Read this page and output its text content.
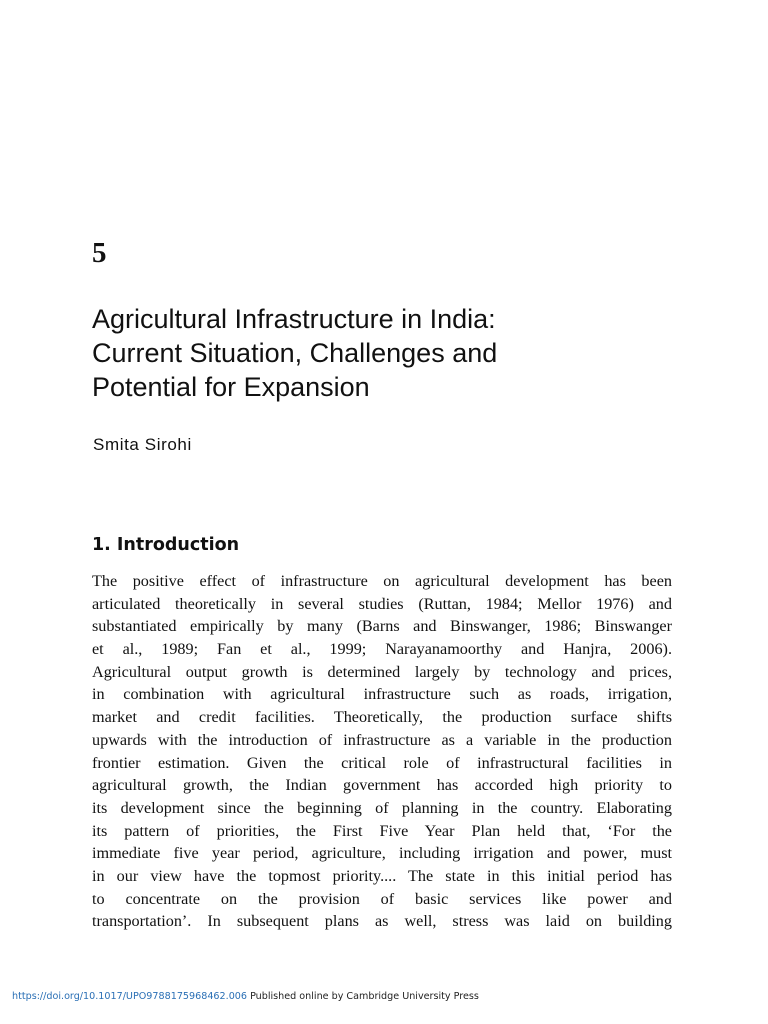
5
Agricultural Infrastructure in India:
Current Situation, Challenges and
Potential for Expansion
Smita Sirohi
1. Introduction
The positive effect of infrastructure on agricultural development has been
articulated theoretically in several studies (Ruttan, 1984; Mellor 1976) and
substantiated empirically by many (Barns and Binswanger, 1986; Binswanger
et al., 1989; Fan et al., 1999; Narayanamoorthy and Hanjra, 2006).
Agricultural output growth is determined largely by technology and prices,
in combination with agricultural infrastructure such as roads, irrigation,
market and credit facilities. Theoretically, the production surface shifts
upwards with the introduction of infrastructure as a variable in the production
frontier estimation. Given the critical role of infrastructural facilities in
agricultural growth, the Indian government has accorded high priority to
its development since the beginning of planning in the country. Elaborating
its pattern of priorities, the First Five Year Plan held that, ‘For the
immediate five year period, agriculture, including irrigation and power, must
in our view have the topmost priority.... The state in this initial period has
to concentrate on the provision of basic services like power and
transportation’. In subsequent plans as well, stress was laid on building
https://doi.org/10.1017/UPO9788175968462.006 Published online by Cambridge University Press
